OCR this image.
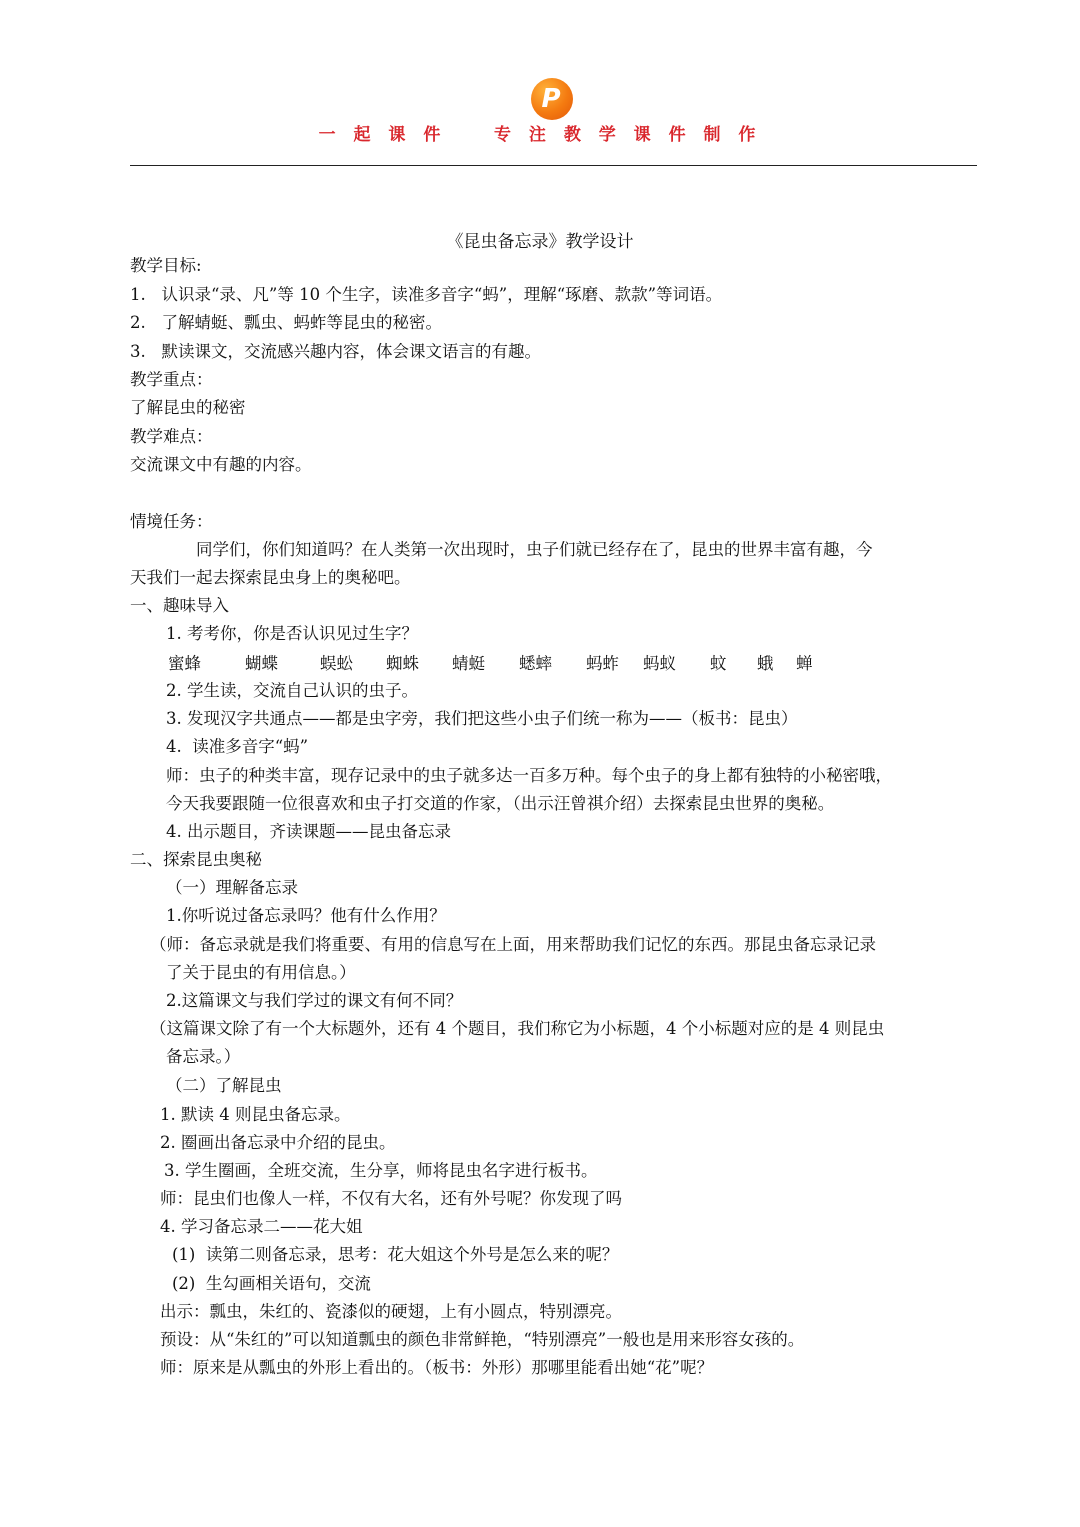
P
一 起 课 件    专 注 教 学 课 件 制 作
《昆虫备忘录》教学设计
教学目标:
1.   认识录“录、凡”等 10 个生字，读准多音字“蚂”，理解“琢磨、款款”等词语。
2.   了解蜻蜓、瓢虫、蚂蚱等昆虫的秘密。
3.   默读课文，交流感兴趣内容，体会课文语言的有趣。
教学重点：
了解昆虫的秘密
教学难点：
交流课文中有趣的内容。
情境任务：
同学们，你们知道吗？在人类第一次出现时，虫子们就已经存在了，昆虫的世界丰富有趣，今
天我们一起去探索昆虫身上的奥秘吧。
一、趣味导入
1. 考考你，你是否认识见过生字？
蜜蜂	蝴蝶	蜈蚣 蜘蛛 蜻蜓 蟋蟀 蚂蚱 蚂蚁 蚊 蛾 蝉
2. 学生读，交流自己认识的虫子。
3. 发现汉字共通点——都是虫字旁，我们把这些小虫子们统一称为——（板书：昆虫）
4.  读准多音字“蚂”
师：虫子的种类丰富，现存记录中的虫子就多达一百多万种。每个虫子的身上都有独特的小秘密哦，
今天我要跟随一位很喜欢和虫子打交道的作家，（出示汪曾祺介绍）去探索昆虫世界的奥秘。
4. 出示题目，齐读课题——昆虫备忘录
二、探索昆虫奥秘
（一）理解备忘录
1.你听说过备忘录吗？他有什么作用？
（师：备忘录就是我们将重要、有用的信息写在上面，用来帮助我们记忆的东西。那昆虫备忘录记录
了关于昆虫的有用信息。）
2.这篇课文与我们学过的课文有何不同？
（这篇课文除了有一个大标题外，还有 4 个题目，我们称它为小标题，4 个小标题对应的是 4 则昆虫
备忘录。）
（二）了解昆虫
1. 默读 4 则昆虫备忘录。
2. 圈画出备忘录中介绍的昆虫。
3. 学生圈画，全班交流，生分享，师将昆虫名字进行板书。
师：昆虫们也像人一样，不仅有大名，还有外号呢？你发现了吗
4. 学习备忘录二——花大姐
(1)  读第二则备忘录，思考：花大姐这个外号是怎么来的呢？
(2)  生勾画相关语句，交流
出示：瓢虫，朱红的、瓷漆似的硬翅，上有小圆点，特别漂亮。
预设：从“朱红的”可以知道瓢虫的颜色非常鲜艳，“特别漂亮”一般也是用来形容女孩的。
师：原来是从瓢虫的外形上看出的。（板书：外形）那哪里能看出她“花”呢？
